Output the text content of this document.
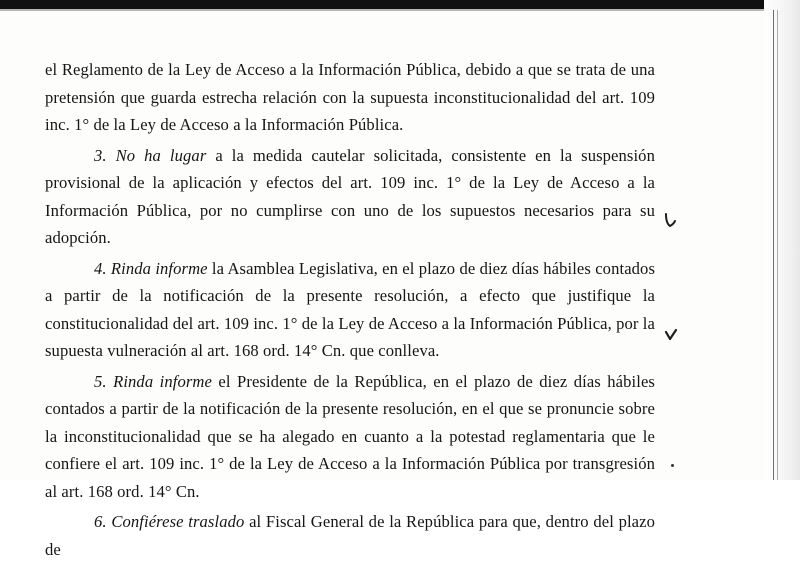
el Reglamento de la Ley de Acceso a la Información Pública, debido a que se trata de una pretensión que guarda estrecha relación con la supuesta inconstitucionalidad del art. 109 inc. 1° de la Ley de Acceso a la Información Pública.

3. No ha lugar a la medida cautelar solicitada, consistente en la suspensión provisional de la aplicación y efectos del art. 109 inc. 1° de la Ley de Acceso a la Información Pública, por no cumplirse con uno de los supuestos necesarios para su adopción.

4. Rinda informe la Asamblea Legislativa, en el plazo de diez días hábiles contados a partir de la notificación de la presente resolución, a efecto que justifique la constitucionalidad del art. 109 inc. 1° de la Ley de Acceso a la Información Pública, por la supuesta vulneración al art. 168 ord. 14° Cn. que conlleva.

5. Rinda informe el Presidente de la República, en el plazo de diez días hábiles contados a partir de la notificación de la presente resolución, en el que se pronuncie sobre la inconstitucionalidad que se ha alegado en cuanto a la potestad reglamentaria que le confiere el art. 109 inc. 1° de la Ley de Acceso a la Información Pública por transgresión al art. 168 ord. 14° Cn.

6. Confiérese traslado al Fiscal General de la República para que, dentro del plazo de
